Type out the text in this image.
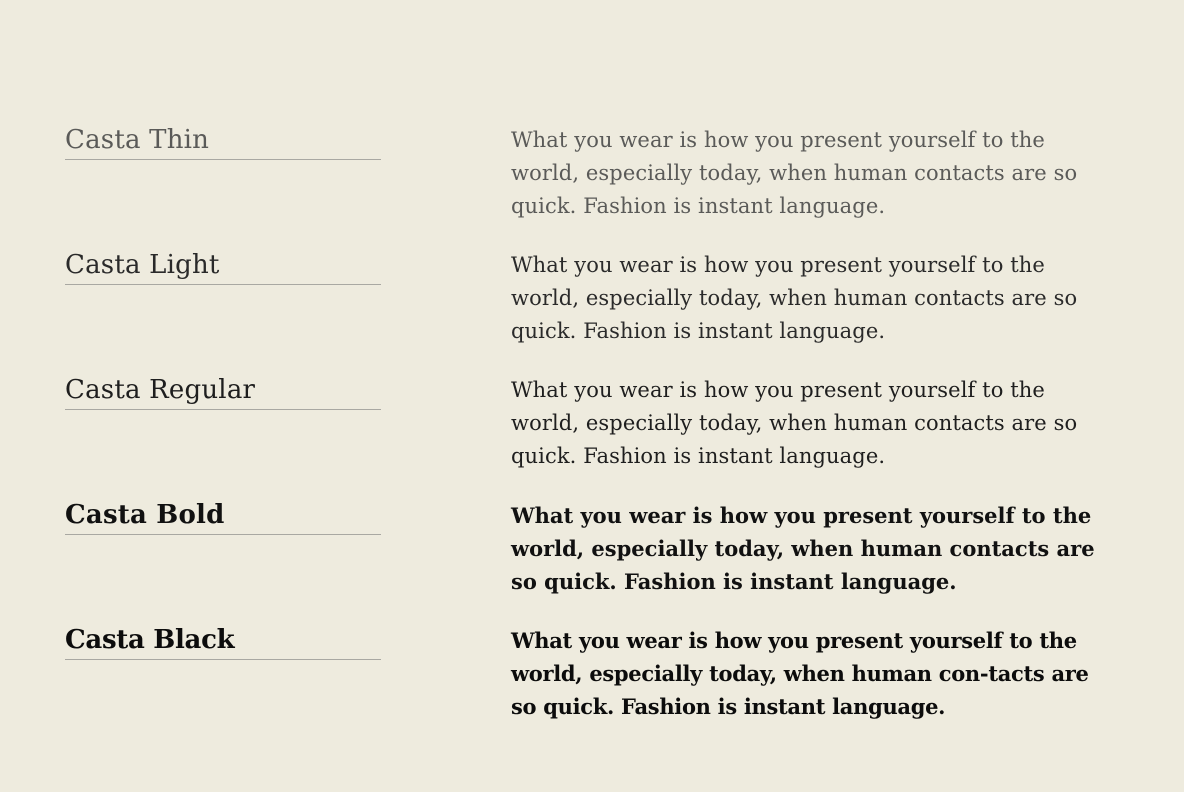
Casta Thin	What you wear is how you present yourself to the world, especially today, when human contacts are so quick. Fashion is instant language.
Casta Light	What you wear is how you present yourself to the world, especially today, when human contacts are so quick. Fashion is instant language.
Casta Regular	What you wear is how you present yourself to the world, especially today, when human contacts are so quick. Fashion is instant language.
Casta Bold	What you wear is how you present yourself to the world, especially today, when human contacts are so quick. Fashion is instant language.
Casta Black	What you wear is how you present yourself to the world, especially today, when human con-tacts are so quick. Fashion is instant language.
